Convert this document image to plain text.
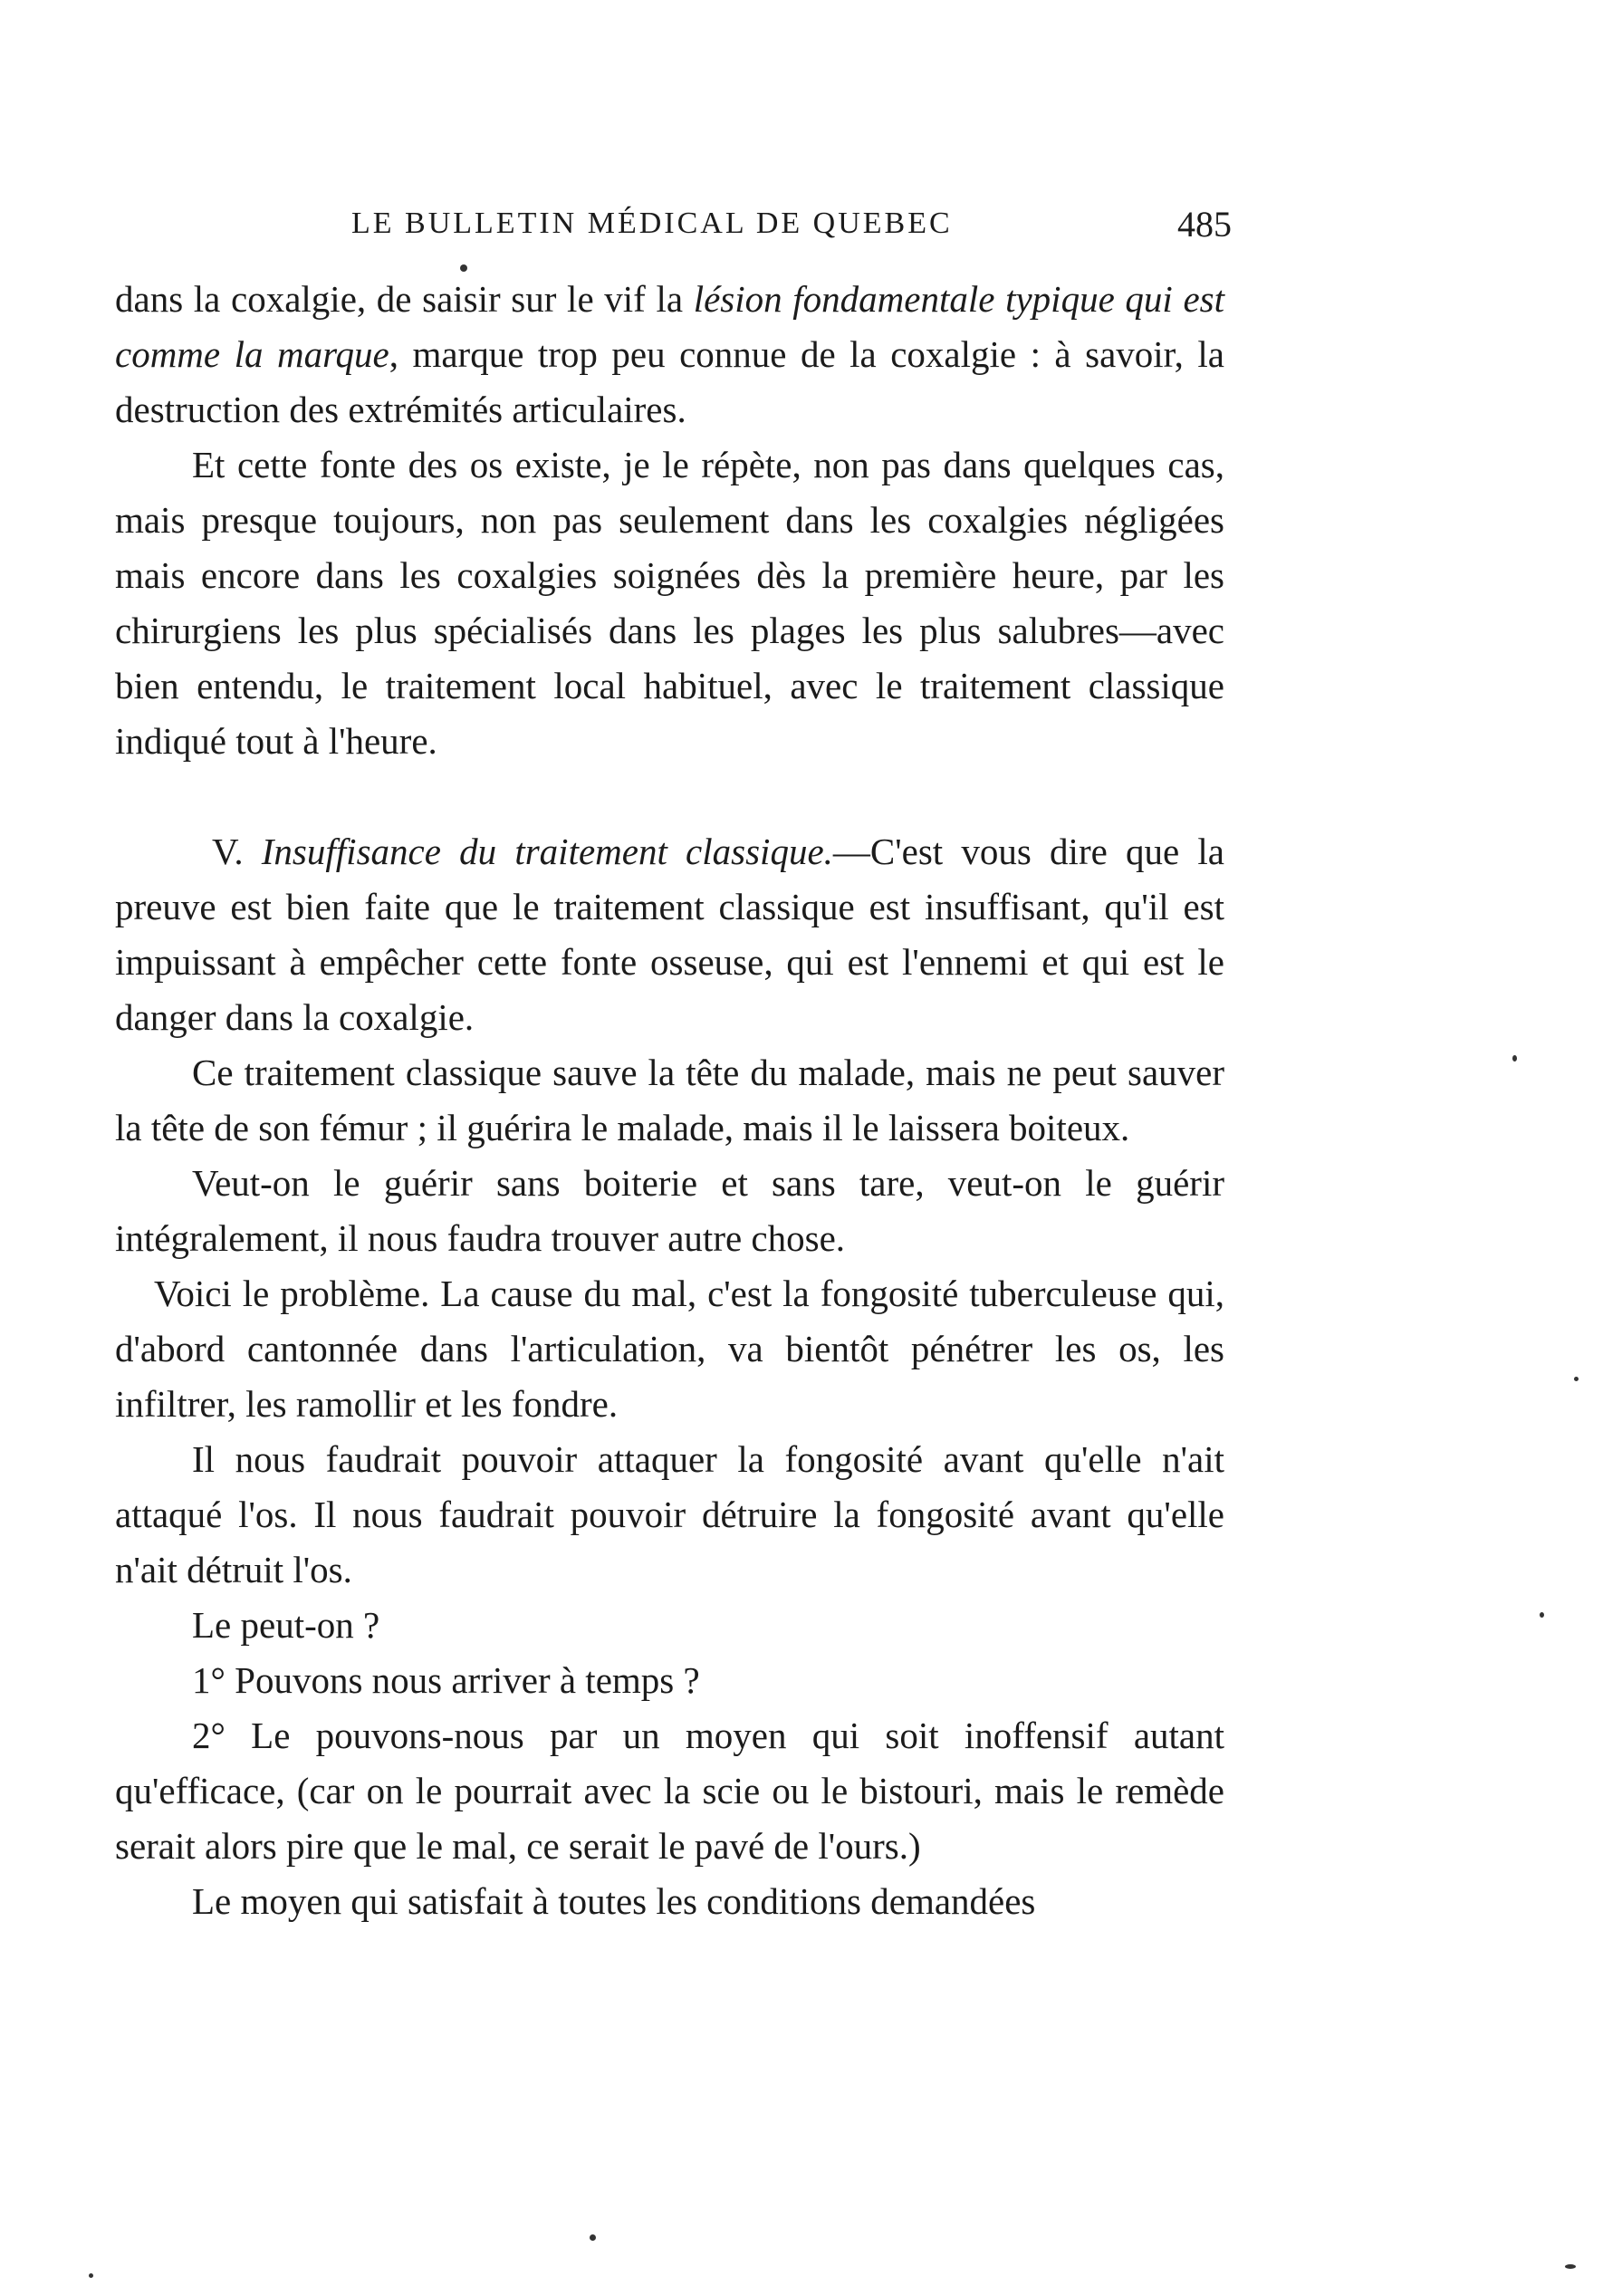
LE BULLETIN MÉDICAL DE QUEBEC	485

dans la coxalgie, de saisir sur le vif la lésion fondamentale typique qui est comme la marque, marque trop peu connue de la coxalgie : à savoir, la destruction des extrémités articulaires.

Et cette fonte des os existe, je le répète, non pas dans quelques cas, mais presque toujours, non pas seulement dans les coxalgies négligées mais encore dans les coxalgies soignées dès la première heure, par les chirurgiens les plus spécialisés dans les plages les plus salubres—avec bien entendu, le traitement local habituel, avec le traitement classique indiqué tout à l'heure.

V. Insuffisance du traitement classique.—C'est vous dire que la preuve est bien faite que le traitement classique est insuffisant, qu'il est impuissant à empêcher cette fonte osseuse, qui est l'ennemi et qui est le danger dans la coxalgie.

Ce traitement classique sauve la tête du malade, mais ne peut sauver la tête de son fémur ; il guérira le malade, mais il le laissera boiteux.

Veut-on le guérir sans boiterie et sans tare, veut-on le guérir intégralement, il nous faudra trouver autre chose.

Voici le problème. La cause du mal, c'est la fongosité tuberculeuse qui, d'abord cantonnée dans l'articulation, va bientôt pénétrer les os, les infiltrer, les ramollir et les fondre.

Il nous faudrait pouvoir attaquer la fongosité avant qu'elle n'ait attaqué l'os. Il nous faudrait pouvoir détruire la fongosité avant qu'elle n'ait détruit l'os.

Le peut-on ?

1° Pouvons nous arriver à temps ?

2° Le pouvons-nous par un moyen qui soit inoffensif autant qu'efficace, (car on le pourrait avec la scie ou le bistouri, mais le remède serait alors pire que le mal, ce serait le pavé de l'ours.)

Le moyen qui satisfait à toutes les conditions demandées
